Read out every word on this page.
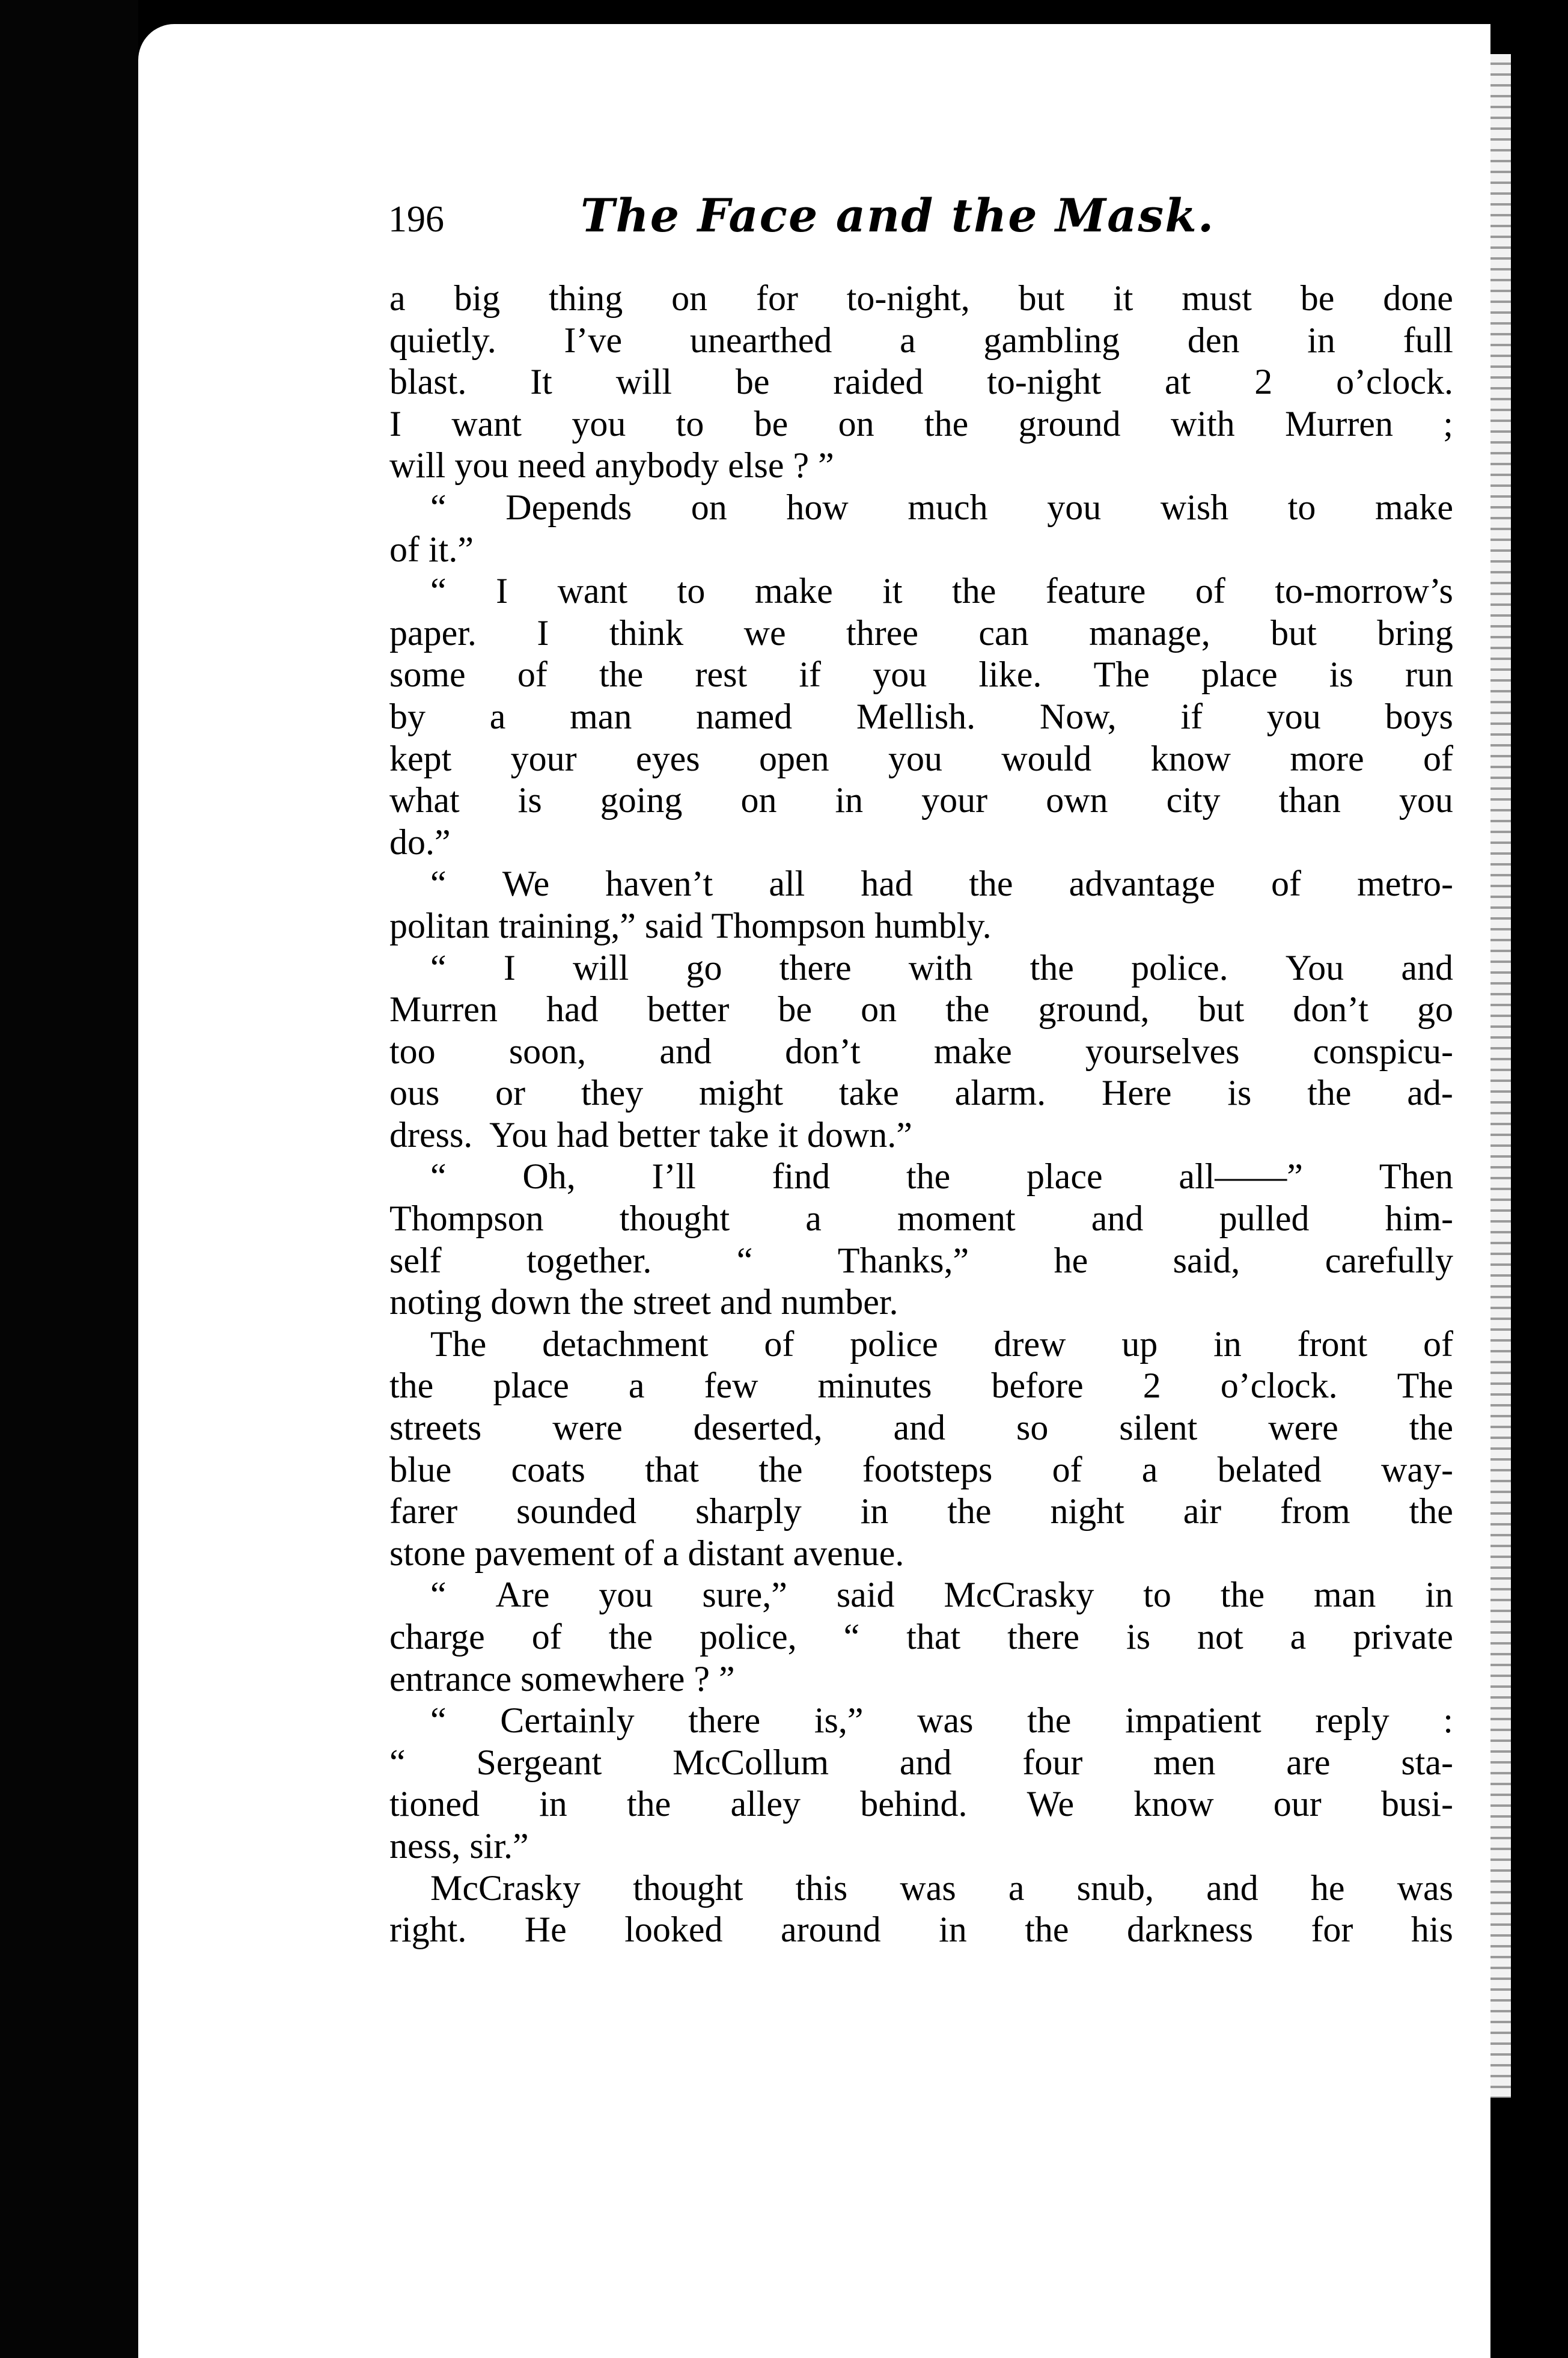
196	The Face and the Mask.
a big thing on for to-night, but it must be done
quietly. I’ve unearthed a gambling den in full
blast. It will be raided to-night at 2 o’clock.
I want you to be on the ground with Murren ;
will you need anybody else ? ”
“ Depends on how much you wish to make
of it.”
“ I want to make it the feature of to-morrow’s
paper. I think we three can manage, but bring
some of the rest if you like. The place is run
by a man named Mellish. Now, if you boys
kept your eyes open you would know more of
what is going on in your own city than you
do.”
“ We haven’t all had the advantage of metro-
politan training,” said Thompson humbly.
“ I will go there with the police. You and
Murren had better be on the ground, but don’t go
too soon, and don’t make yourselves conspicu-
ous or they might take alarm. Here is the ad-
dress.  You had better take it down.”
“ Oh, I’ll find the place all——” Then
Thompson thought a moment and pulled him-
self together. “ Thanks,” he said, carefully
noting down the street and number.
The detachment of police drew up in front of
the place a few minutes before 2 o’clock. The
streets were deserted, and so silent were the
blue coats that the footsteps of a belated way-
farer sounded sharply in the night air from the
stone pavement of a distant avenue.
“ Are you sure,” said McCrasky to the man in
charge of the police, “ that there is not a private
entrance somewhere ? ”
“ Certainly there is,” was the impatient reply :
“ Sergeant McCollum and four men are sta-
tioned in the alley behind. We know our busi-
ness, sir.”
McCrasky thought this was a snub, and he was
right. He looked around in the darkness for his
